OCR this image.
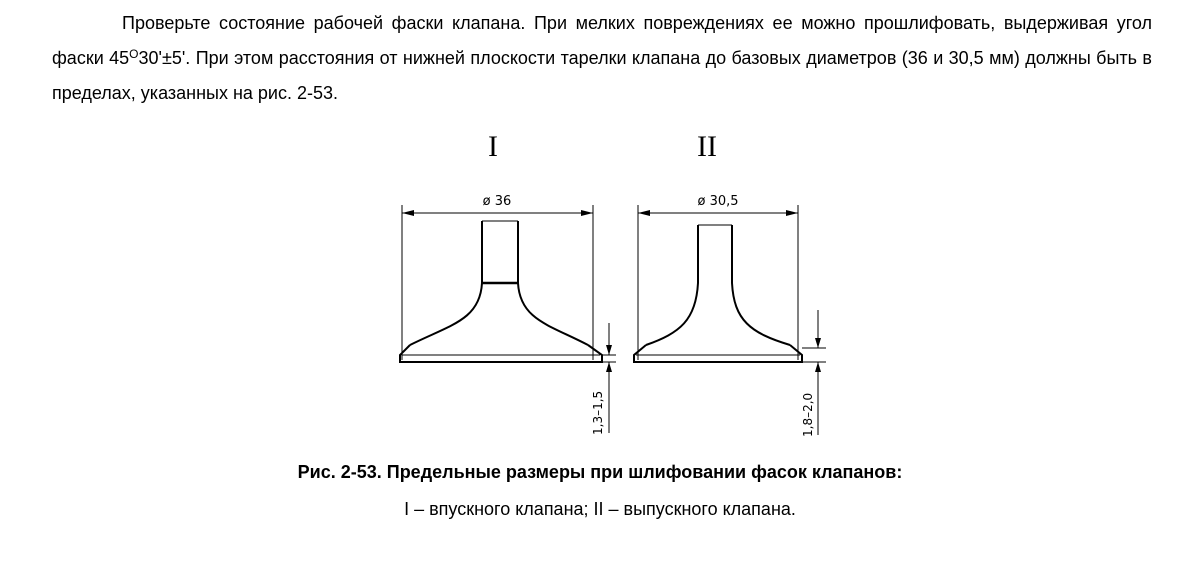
Проверьте состояние рабочей фаски клапана. При мелких повреждениях ее можно прошлифовать, выдерживая угол фаски $45^O30'\pm 5'$. При этом расстояния от нижней плоскости тарелки клапана до базовых диаметров (36 и 30,5 мм) должны быть в пределах, указанных на рис. 2-53.

I	II
ø 36	ø 30,5
1,3–1,5	1,8–2,0
Рис. 2-53. Предельные размеры при шлифовании фасок клапанов:
I – впускного клапана; II – выпускного клапана.
